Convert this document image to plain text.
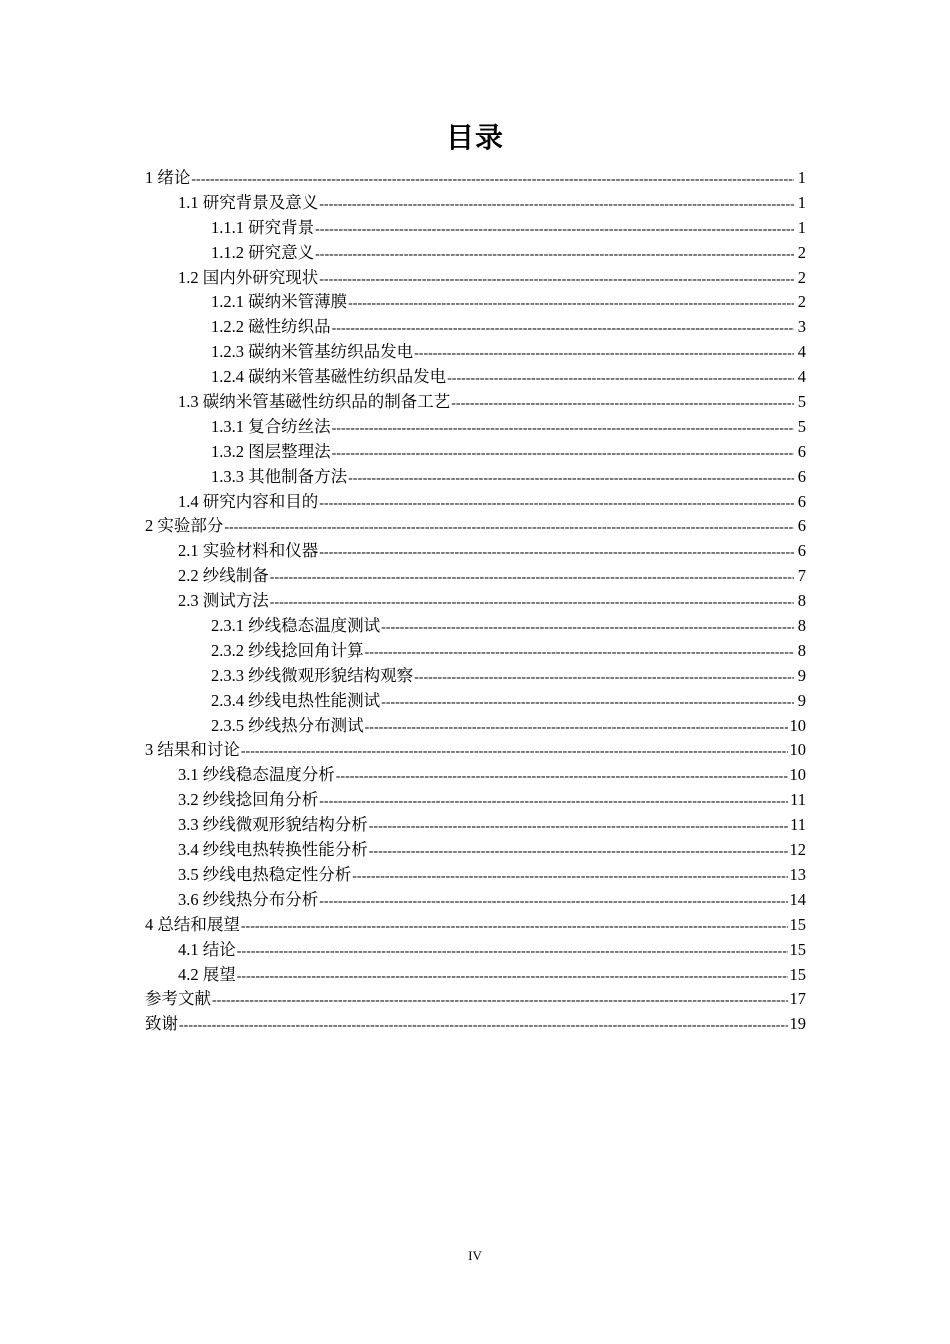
目录
1 绪论 -----	1
1.1 研究背景及意义 -----	1
1.1.1 研究背景 -----	1
1.1.2 研究意义 -----	2
1.2 国内外研究现状 -----	2
1.2.1 碳纳米管薄膜 -----	2
1.2.2 磁性纺织品 -----	3
1.2.3 碳纳米管基纺织品发电 -----	4
1.2.4 碳纳米管基磁性纺织品发电 -----	4
1.3 碳纳米管基磁性纺织品的制备工艺 -----	5
1.3.1 复合纺丝法 -----	5
1.3.2 图层整理法 -----	6
1.3.3 其他制备方法 -----	6
1.4 研究内容和目的 -----	6
2 实验部分 -----	6
2.1 实验材料和仪器 -----	6
2.2 纱线制备 -----	7
2.3 测试方法 -----	8
2.3.1 纱线稳态温度测试 -----	8
2.3.2 纱线捻回角计算 -----	8
2.3.3 纱线微观形貌结构观察 -----	9
2.3.4 纱线电热性能测试 -----	9
2.3.5 纱线热分布测试 -----	10
3 结果和讨论 -----	10
3.1 纱线稳态温度分析 -----	10
3.2 纱线捻回角分析 -----	11
3.3 纱线微观形貌结构分析 -----	11
3.4 纱线电热转换性能分析 -----	12
3.5 纱线电热稳定性分析 -----	13
3.6 纱线热分布分析 -----	14
4 总结和展望 -----	15
4.1 结论 -----	15
4.2 展望 -----	15
参考文献 -----	17
致谢 -----	19
IV
